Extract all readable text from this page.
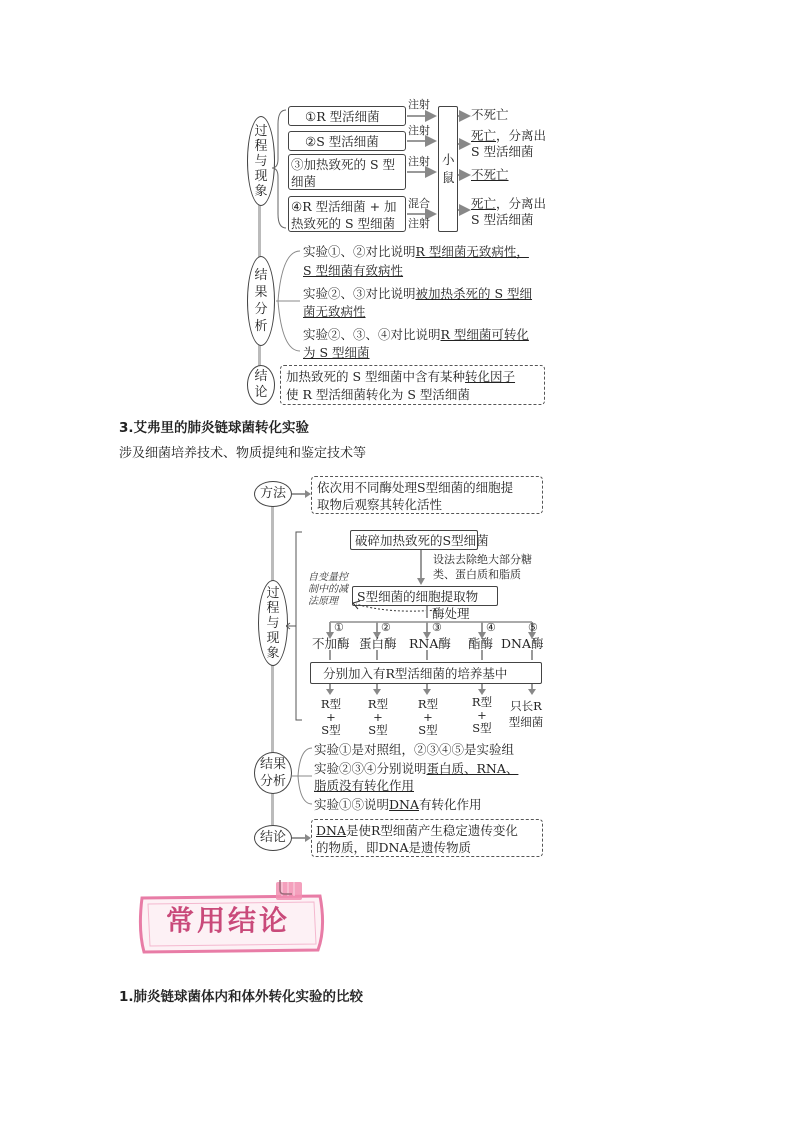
过
程
与
现
象
①R 型活细菌
②S 型活细菌
③加热致死的 S 型细菌
④R 型活细菌 + 加热致死的 S 型细菌
注射
注射
注射
混合
注射
小
鼠
不死亡
死亡，分离出
S 型活细菌
不死亡
死亡，分离出
S 型活细菌
结
果
分
析
实验①、②对比说明R 型细菌无致病性，
S 型细菌有致病性
实验②、③对比说明被加热杀死的 S 型细
菌无致病性
实验②、③、④对比说明R 型细菌可转化
为 S 型细菌
结
论
加热致死的 S 型细菌中含有某种转化因子
使 R 型活细菌转化为 S 型活细菌
3.艾弗里的肺炎链球菌转化实验
涉及细菌培养技术、物质提纯和鉴定技术等
方法	依次用不同酶处理S型细菌的细胞提
取物后观察其转化活性
过
程
与
现
象
破碎加热致死的S型细菌
设法去除绝大部分糖
类、蛋白质和脂质
自变量控
制中的减
法原理	S型细菌的细胞提取物
酶处理
①	②	③	④	⑤
不加酶 蛋白酶 RNA酶 酯酶 DNA酶
分别加入有R型活细菌的培养基中
R型
+
S型
R型
+
S型
R型
+
S型
R型
+
S型
只长R
型细菌
结果
分析
实验①是对照组，②③④⑤是实验组
实验②③④分别说明蛋白质、RNA、
脂质没有转化作用
实验①⑤说明DNA有转化作用
结论	DNA是使R型细菌产生稳定遗传变化
的物质，即DNA是遗传物质
常用结论
1.肺炎链球菌体内和体外转化实验的比较
